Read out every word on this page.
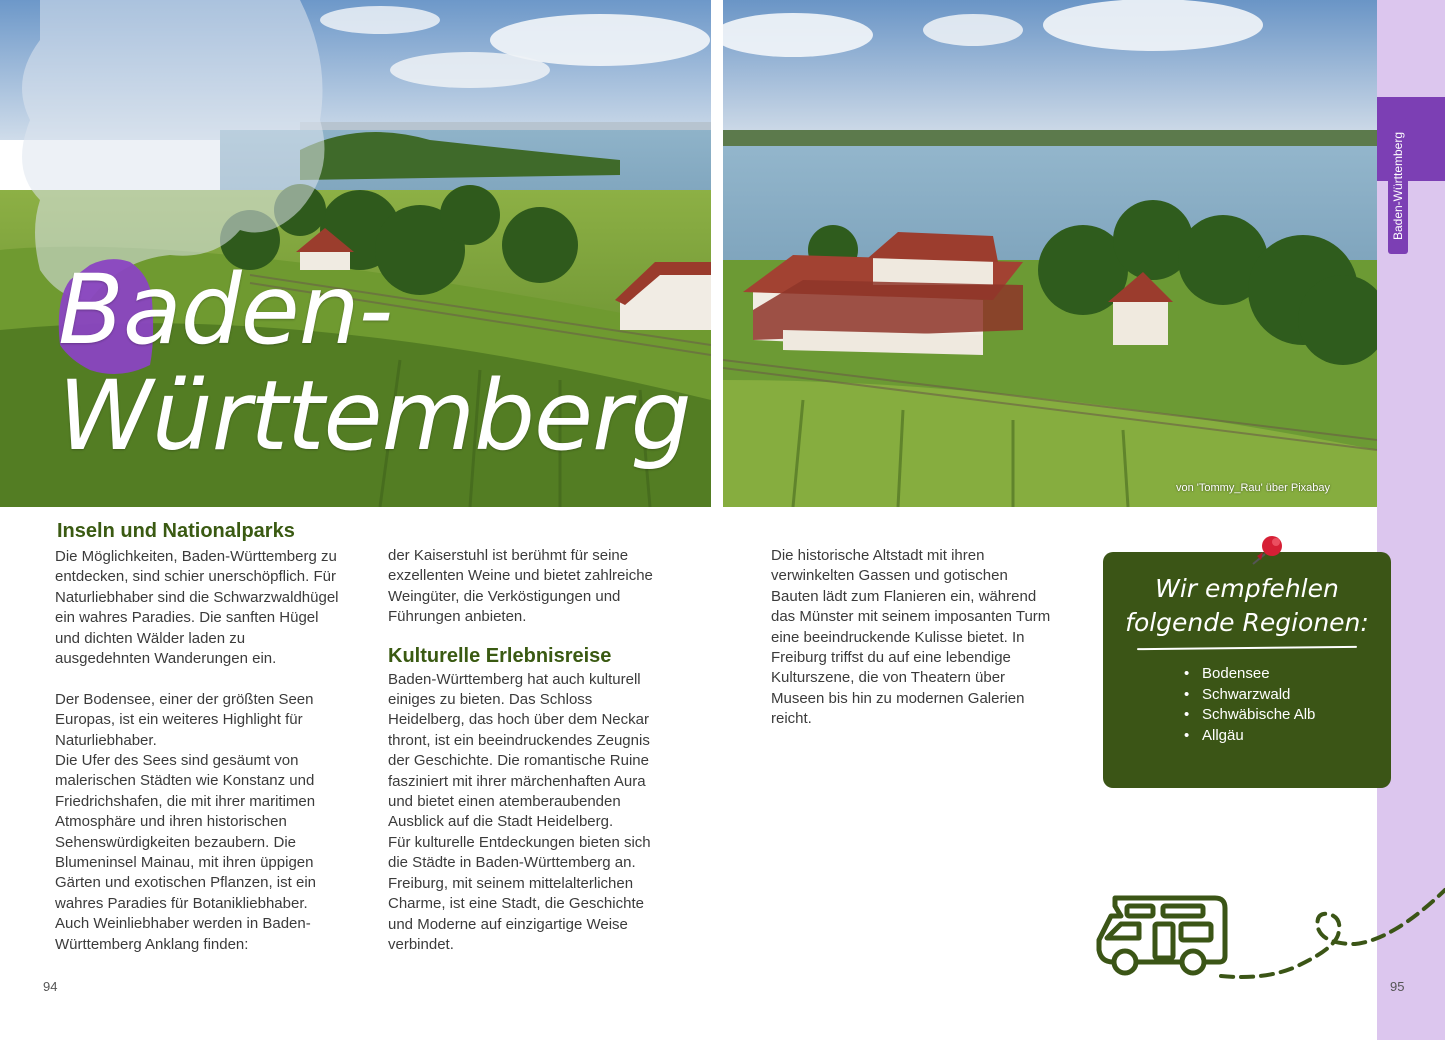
von 'Tommy_Rau' über Pixabay
Baden-Württemberg
Baden-
Württemberg
Inseln und Nationalparks

Die Möglichkeiten, Baden-Württemberg zu
entdecken, sind schier unerschöpflich. Für
Naturliebhaber sind die Schwarzwaldhügel
ein wahres Paradies. Die sanften Hügel
und dichten Wälder laden zu
ausgedehnten Wanderungen ein.

Der Bodensee, einer der größten Seen
Europas, ist ein weiteres Highlight für
Naturliebhaber.
Die Ufer des Sees sind gesäumt von
malerischen Städten wie Konstanz und
Friedrichshafen, die mit ihrer maritimen
Atmosphäre und ihren historischen
Sehenswürdigkeiten bezaubern. Die
Blumeninsel Mainau, mit ihren üppigen
Gärten und exotischen Pflanzen, ist ein
wahres Paradies für Botanikliebhaber.
Auch Weinliebhaber werden in Baden-
Württemberg Anklang finden:

der Kaiserstuhl ist berühmt für seine
exzellenten Weine und bietet zahlreiche
Weingüter, die Verköstigungen und
Führungen anbieten.

Kulturelle Erlebnisreise

Baden-Württemberg hat auch kulturell
einiges zu bieten. Das Schloss
Heidelberg, das hoch über dem Neckar
thront, ist ein beeindruckendes Zeugnis
der Geschichte. Die romantische Ruine
fasziniert mit ihrer märchenhaften Aura
und bietet einen atemberaubenden
Ausblick auf die Stadt Heidelberg.
Für kulturelle Entdeckungen bieten sich
die Städte in Baden-Württemberg an.
Freiburg, mit seinem mittelalterlichen
Charme, ist eine Stadt, die Geschichte
und Moderne auf einzigartige Weise
verbindet.

Die historische Altstadt mit ihren
verwinkelten Gassen und gotischen
Bauten lädt zum Flanieren ein, während
das Münster mit seinem imposanten Turm
eine beeindruckende Kulisse bietet. In
Freiburg triffst du auf eine lebendige
Kulturszene, die von Theatern über
Museen bis hin zu modernen Galerien
reicht.

Wir empfehlen
folgende Regionen:
• Bodensee
• Schwarzwald
• Schwäbische Alb
• Allgäu
94	95
